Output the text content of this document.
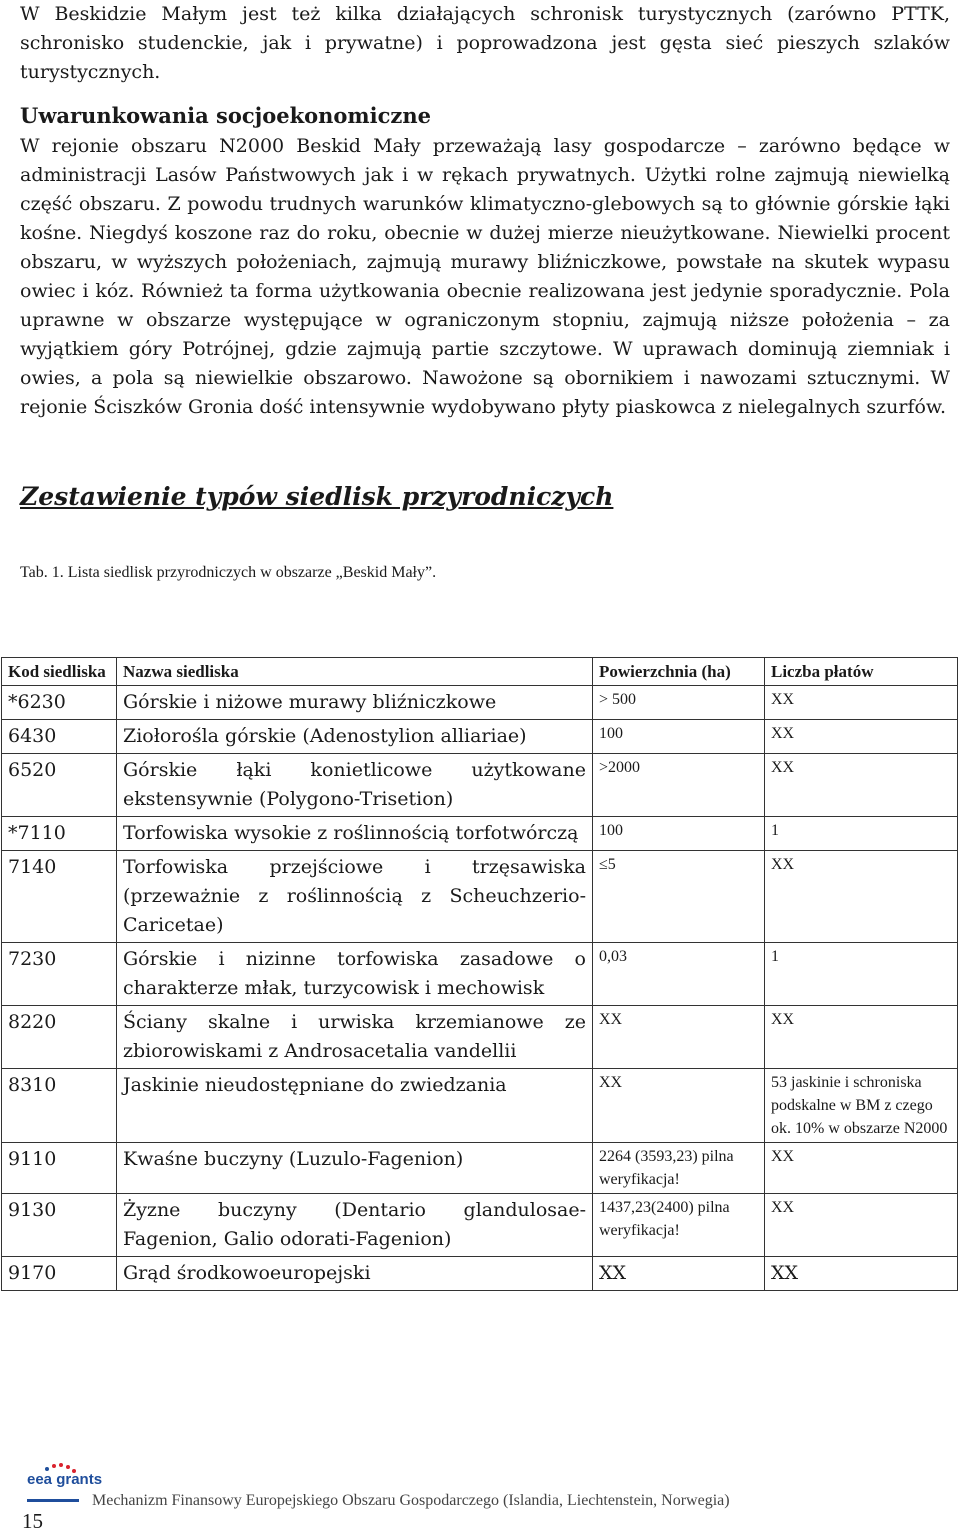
W Beskidzie Małym jest też kilka działających schronisk turystycznych (zarówno PTTK, schronisko studenckie, jak i prywatne) i poprowadzona jest gęsta sieć pieszych szlaków turystycznych.

Uwarunkowania socjoekonomiczne

W rejonie obszaru N2000 Beskid Mały przeważają lasy gospodarcze – zarówno będące w administracji Lasów Państwowych jak i w rękach prywatnych. Użytki rolne zajmują niewielką część obszaru. Z powodu trudnych warunków klimatyczno-glebowych są to głównie górskie łąki kośne. Niegdyś koszone raz do roku, obecnie w dużej mierze nieużytkowane. Niewielki procent obszaru, w wyższych położeniach, zajmują murawy bliźniczkowe, powstałe na skutek wypasu owiec i kóz. Również ta forma użytkowania obecnie realizowana jest jedynie sporadycznie. Pola uprawne w obszarze występujące w ograniczonym stopniu, zajmują niższe położenia – za wyjątkiem góry Potrójnej, gdzie zajmują partie szczytowe. W uprawach dominują ziemniak i owies, a pola są niewielkie obszarowo. Nawożone są obornikiem i nawozami sztucznymi. W rejonie Ściszków Gronia dość intensywnie wydobywano płyty piaskowca z nielegalnych szurfów.

Zestawienie typów siedlisk przyrodniczych
Tab. 1. Lista siedlisk przyrodniczych w obszarze „Beskid Mały”.
Kod siedliska	Nazwa siedliska	Powierzchnia (ha)	Liczba płatów
*6230	Górskie i niżowe murawy bliźniczkowe	> 500	XX
6430	Ziołorośla górskie (Adenostylion alliariae)	100	XX
6520	Górskie łąki konietlicowe użytkowane ekstensywnie (Polygono-Trisetion)	>2000	XX
*7110	Torfowiska wysokie z roślinnością torfotwórczą	100	1
7140	Torfowiska przejściowe i trzęsawiska (przeważnie z roślinnością z Scheuchzerio-Caricetae)	≤5	XX
7230	Górskie i nizinne torfowiska zasadowe o charakterze młak, turzycowisk i mechowisk	0,03	1
8220	Ściany skalne i urwiska krzemianowe ze zbiorowiskami z Androsacetalia vandellii	XX	XX
8310	Jaskinie nieudostępniane do zwiedzania	XX	53 jaskinie i schroniska podskalne w BM z czego ok. 10% w obszarze N2000
9110	Kwaśne buczyny (Luzulo-Fagenion)	2264 (3593,23) pilna weryfikacja!	XX
9130	Żyzne buczyny (Dentario glandulosae-Fagenion, Galio odorati-Fagenion)	1437,23(2400) pilna weryfikacja!	XX
9170	Grąd środkowoeuropejski	XX	XX
eea grants
15
Mechanizm Finansowy Europejskiego Obszaru Gospodarczego (Islandia, Liechtenstein, Norwegia)
